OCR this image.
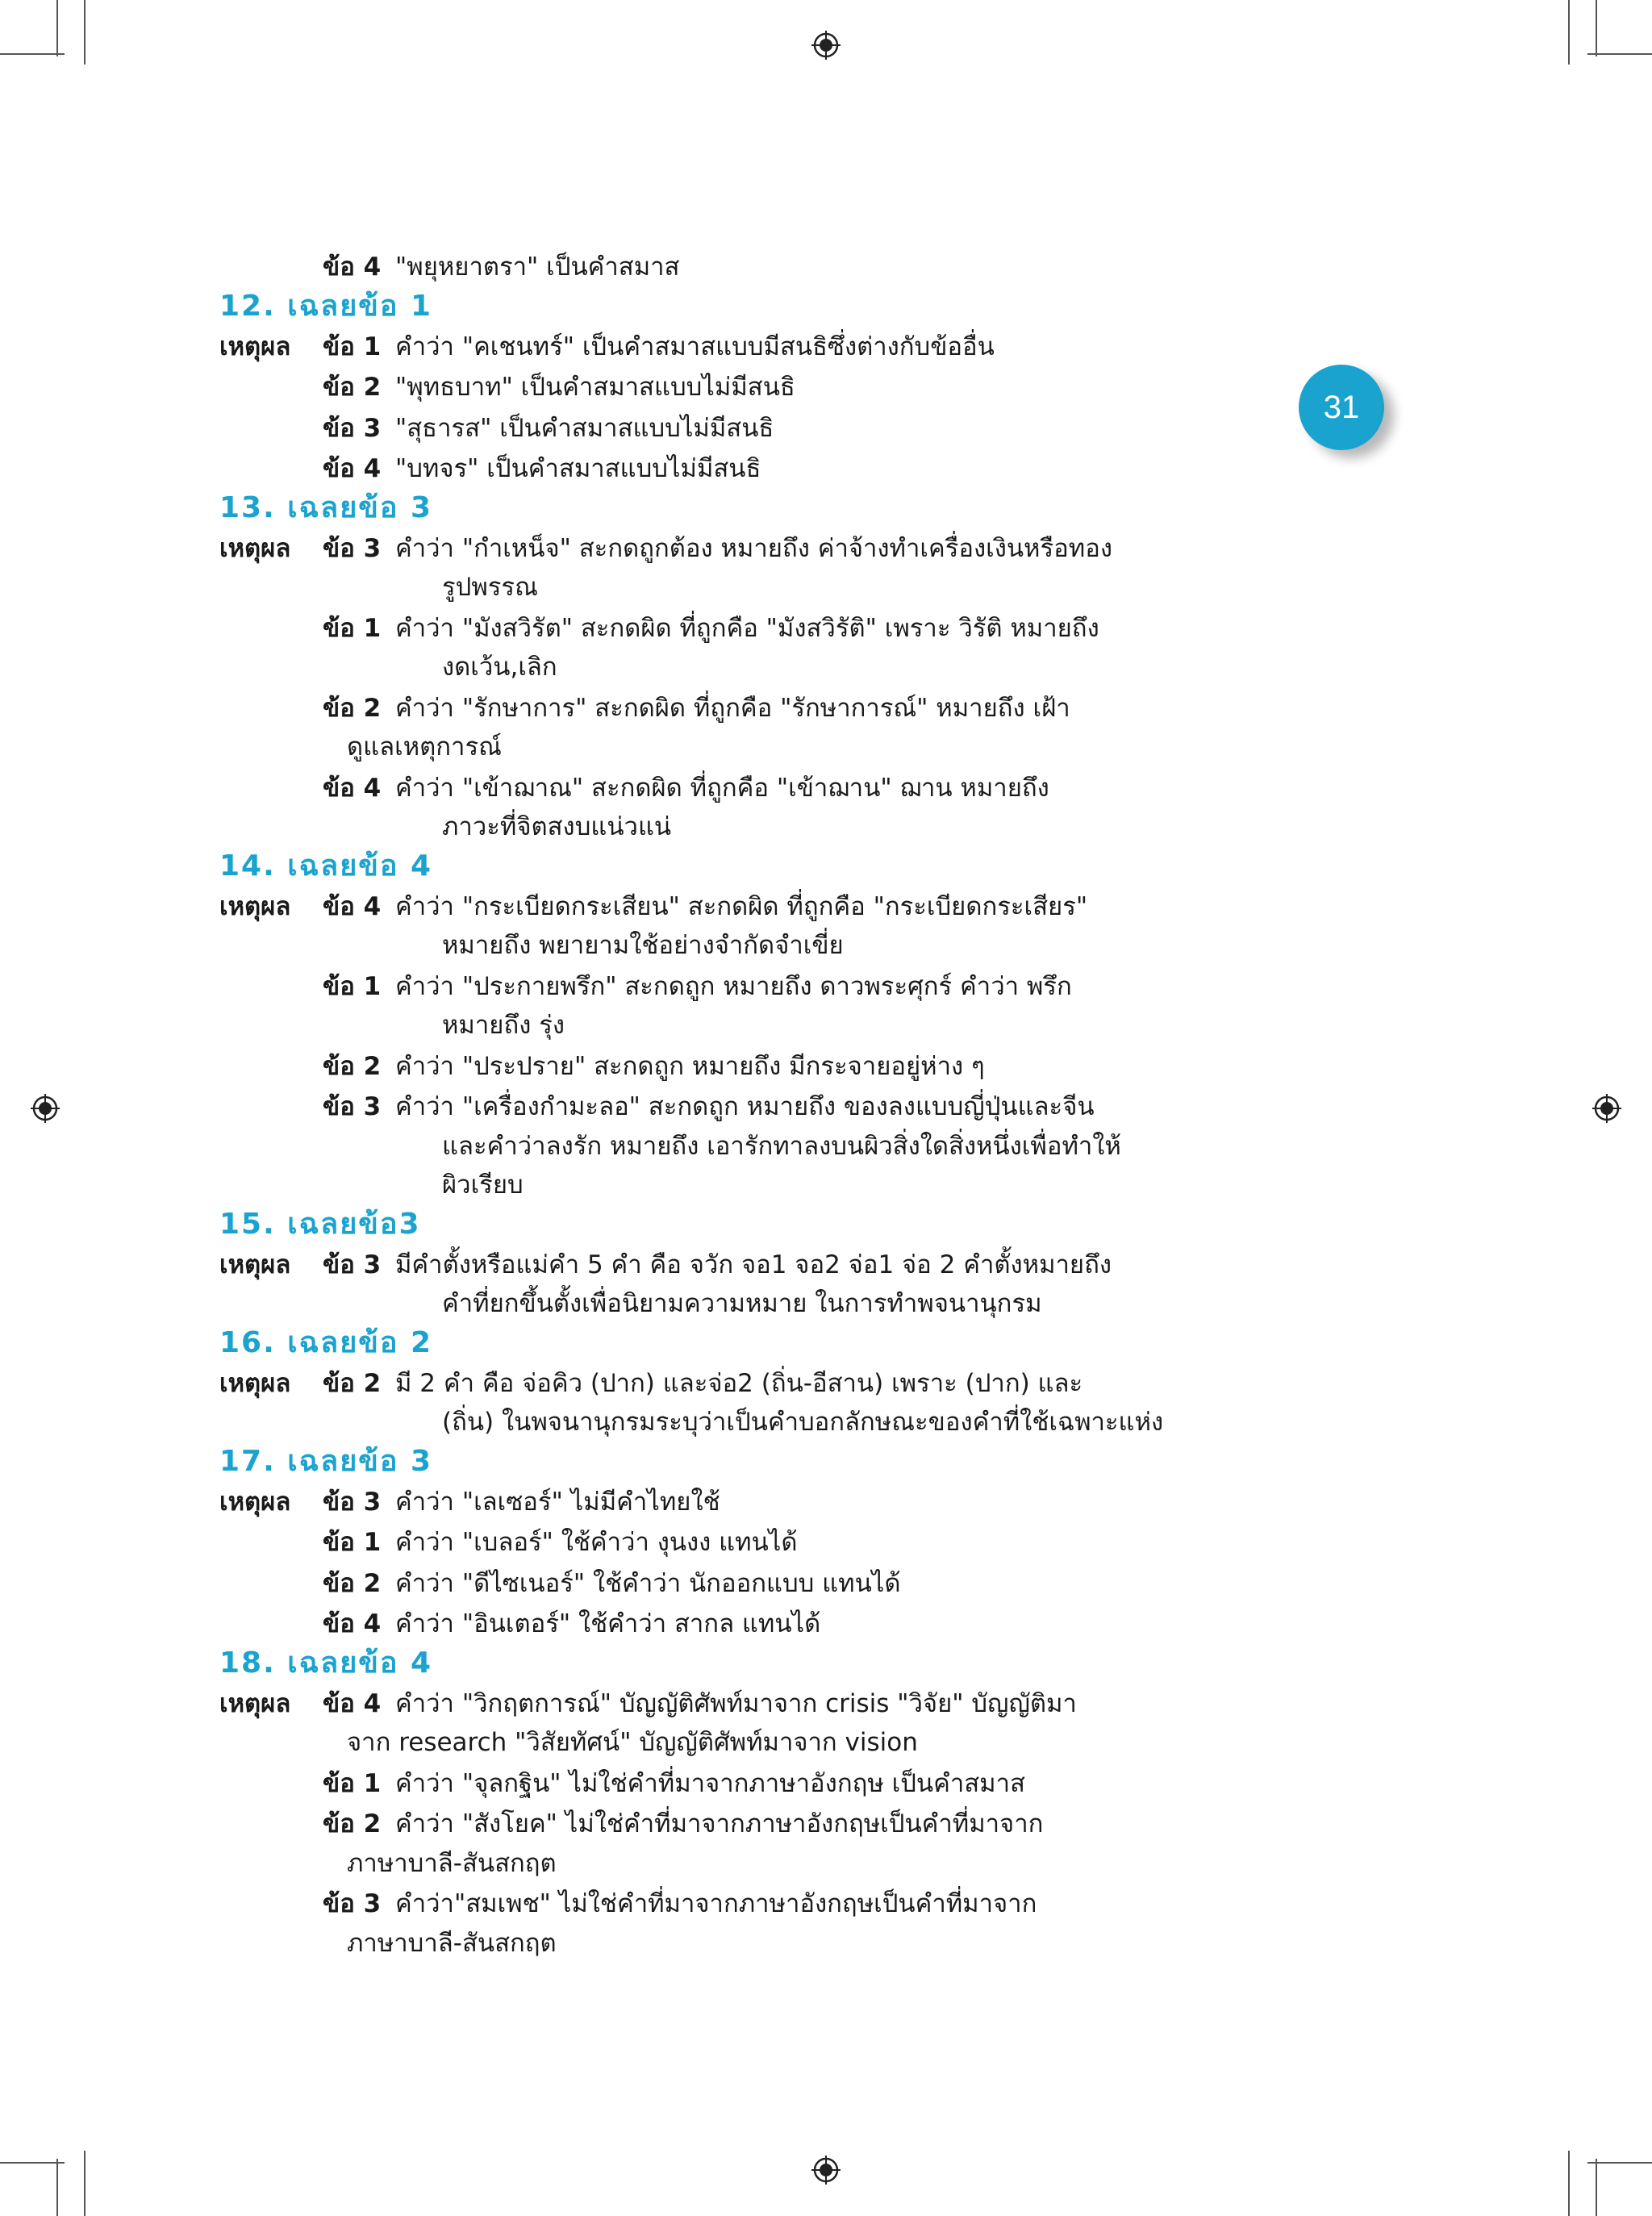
31
ข้อ 4 "พยุหยาตรา" เป็นคำสมาส
12. เฉลยข้อ 1
เหตุผล	ข้อ 1 คำว่า "คเชนทร์" เป็นคำสมาสแบบมีสนธิซึ่งต่างกับข้ออื่น
ข้อ 2 "พุทธบาท" เป็นคำสมาสแบบไม่มีสนธิ
ข้อ 3 "สุธารส" เป็นคำสมาสแบบไม่มีสนธิ
ข้อ 4 "บทจร" เป็นคำสมาสแบบไม่มีสนธิ
13. เฉลยข้อ 3
เหตุผล	ข้อ 3 คำว่า "กำเหน็จ" สะกดถูกต้อง หมายถึง ค่าจ้างทำเครื่องเงินหรือทอง
รูปพรรณ
ข้อ 1 คำว่า "มังสวิรัต" สะกดผิด ที่ถูกคือ "มังสวิรัติ" เพราะ วิรัติ หมายถึง
งดเว้น,เลิก
ข้อ 2 คำว่า "รักษาการ" สะกดผิด ที่ถูกคือ "รักษาการณ์" หมายถึง เฝ้า
ดูแลเหตุการณ์
ข้อ 4 คำว่า "เข้าฌาณ" สะกดผิด ที่ถูกคือ "เข้าฌาน" ฌาน หมายถึง
ภาวะที่จิตสงบแน่วแน่
14. เฉลยข้อ 4
เหตุผล	ข้อ 4 คำว่า "กระเบียดกระเสียน" สะกดผิด ที่ถูกคือ "กระเบียดกระเสียร"
หมายถึง พยายามใช้อย่างจำกัดจำเขี่ย
ข้อ 1 คำว่า "ประกายพรึก" สะกดถูก หมายถึง ดาวพระศุกร์ คำว่า พรึก
หมายถึง รุ่ง
ข้อ 2 คำว่า "ประปราย" สะกดถูก หมายถึง มีกระจายอยู่ห่าง ๆ
ข้อ 3 คำว่า "เครื่องกำมะลอ" สะกดถูก หมายถึง ของลงแบบญี่ปุ่นและจีน
และคำว่าลงรัก หมายถึง เอารักทาลงบนผิวสิ่งใดสิ่งหนึ่งเพื่อทำให้
ผิวเรียบ
15. เฉลยข้อ3
เหตุผล	ข้อ 3 มีคำตั้งหรือแม่คำ 5 คำ คือ จวัก จอ1 จอ2 จ่อ1 จ่อ 2 คำตั้งหมายถึง
คำที่ยกขึ้นตั้งเพื่อนิยามความหมาย ในการทำพจนานุกรม
16. เฉลยข้อ 2
เหตุผล	ข้อ 2 มี 2 คำ คือ จ่อคิว (ปาก) และจ่อ2 (ถิ่น-อีสาน) เพราะ (ปาก) และ
(ถิ่น) ในพจนานุกรมระบุว่าเป็นคำบอกลักษณะของคำที่ใช้เฉพาะแห่ง
17. เฉลยข้อ 3
เหตุผล	ข้อ 3 คำว่า "เลเซอร์" ไม่มีคำไทยใช้
ข้อ 1 คำว่า "เบลอร์" ใช้คำว่า งุนงง แทนได้
ข้อ 2 คำว่า "ดีไซเนอร์" ใช้คำว่า นักออกแบบ แทนได้
ข้อ 4 คำว่า "อินเตอร์" ใช้คำว่า สากล แทนได้
18. เฉลยข้อ 4
เหตุผล	ข้อ 4 คำว่า "วิกฤตการณ์" บัญญัติศัพท์มาจาก crisis "วิจัย" บัญญัติมา
จาก research "วิสัยทัศน์" บัญญัติศัพท์มาจาก vision
ข้อ 1 คำว่า "จุลกฐิน" ไม่ใช่คำที่มาจากภาษาอังกฤษ เป็นคำสมาส
ข้อ 2 คำว่า "สังโยค" ไม่ใช่คำที่มาจากภาษาอังกฤษเป็นคำที่มาจาก
ภาษาบาลี-สันสกฤต
ข้อ 3 คำว่า"สมเพช" ไม่ใช่คำที่มาจากภาษาอังกฤษเป็นคำที่มาจาก
ภาษาบาลี-สันสกฤต
